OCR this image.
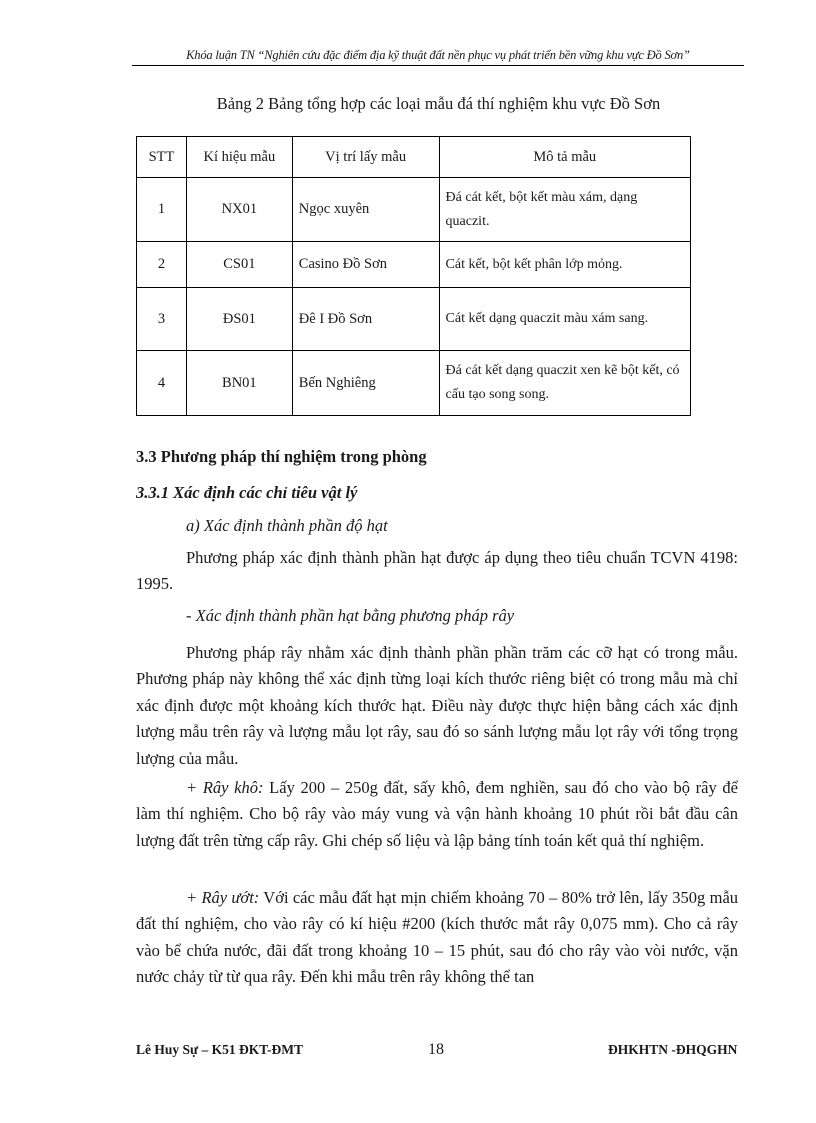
Khóa luận TN “Nghiên cứu đặc điểm địa kỹ thuật đất nền phục vụ phát triển bền vững khu vực Đồ Sơn”
Bảng 2 Bảng tổng hợp các loại mẫu đá thí nghiệm khu vực Đồ Sơn
STT	Kí hiệu mẫu	Vị trí lấy mẫu	Mô tả mẫu
1	NX01	Ngọc xuyên	Đá cát kết, bột kết màu xám, dạng quaczit.
2	CS01	Casino Đồ Sơn	Cát kết, bột kết phân lớp mỏng.
3	ĐS01	Đê I Đồ Sơn	Cát kết dạng quaczit màu xám sang.
4	BN01	Bến Nghiêng	Đá cát kết dạng quaczit xen kẽ bột kết, có cấu tạo song song.
3.3 Phương pháp thí nghiệm trong phòng
3.3.1 Xác định các chỉ tiêu vật lý
a) Xác định thành phần độ hạt

Phương pháp xác định thành phần hạt được áp dụng theo tiêu chuẩn TCVN 4198: 1995.

- Xác định thành phần hạt bằng phương pháp rây

Phương pháp rây nhằm xác định thành phần phần trăm các cỡ hạt có trong mẫu. Phương pháp này không thể xác định từng loại kích thước riêng biệt có trong mẫu mà chỉ xác định được một khoảng kích thước hạt. Điều này được thực hiện bằng cách xác định lượng mẫu trên rây và lượng mẫu lọt rây, sau đó so sánh lượng mẫu lọt rây với tổng trọng lượng của mẫu.

+ Rây khô: Lấy 200 – 250g đất, sấy khô, đem nghiền, sau đó cho vào bộ rây để làm thí nghiệm. Cho bộ rây vào máy vung và vận hành khoảng 10 phút rồi bắt đầu cân lượng đất trên từng cấp rây. Ghi chép số liệu và lập bảng tính toán kết quả thí nghiệm.

+ Rây ướt: Với các mẫu đất hạt mịn chiếm khoảng 70 – 80% trở lên, lấy 350g mẫu đất thí nghiệm, cho vào rây có kí hiệu #200 (kích thước mắt rây 0,075 mm). Cho cả rây vào bể chứa nước, đãi đất trong khoảng 10 – 15 phút, sau đó cho rây vào vòi nước, vặn nước chảy từ từ qua rây. Đến khi mẫu trên rây không thể tan

Lê Huy Sự – K51 ĐKT-ĐMT	18	ĐHKHTN -ĐHQGHN
